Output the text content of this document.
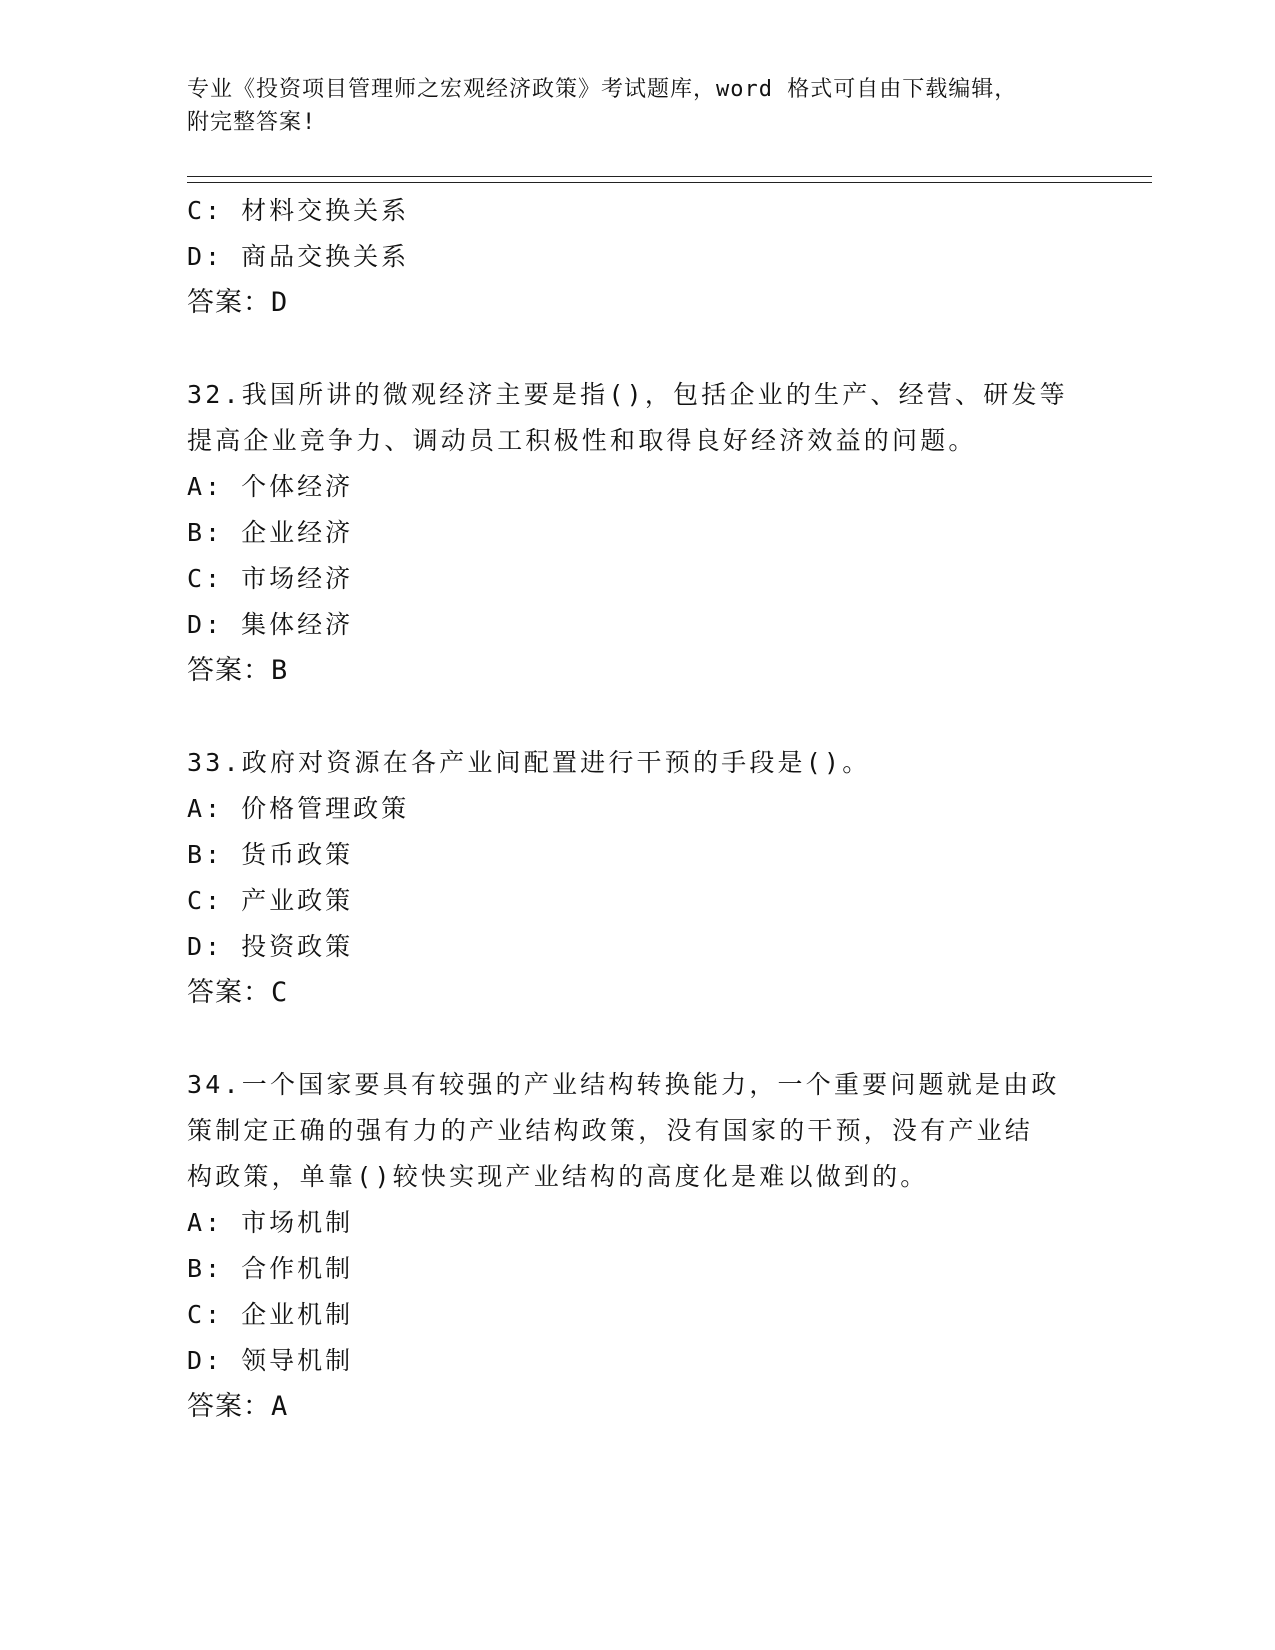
专业《投资项目管理师之宏观经济政策》考试题库，word 格式可自由下载编辑，
附完整答案!
C: 材料交换关系
D: 商品交换关系
答案：D
32.我国所讲的微观经济主要是指()，包括企业的生产、经营、研发等
提高企业竞争力、调动员工积极性和取得良好经济效益的问题。
A: 个体经济
B: 企业经济
C: 市场经济
D: 集体经济
答案：B
33.政府对资源在各产业间配置进行干预的手段是()。
A: 价格管理政策
B: 货币政策
C: 产业政策
D: 投资政策
答案：C
34.一个国家要具有较强的产业结构转换能力，一个重要问题就是由政
策制定正确的强有力的产业结构政策，没有国家的干预，没有产业结
构政策，单靠()较快实现产业结构的高度化是难以做到的。
A: 市场机制
B: 合作机制
C: 企业机制
D: 领导机制
答案：A
